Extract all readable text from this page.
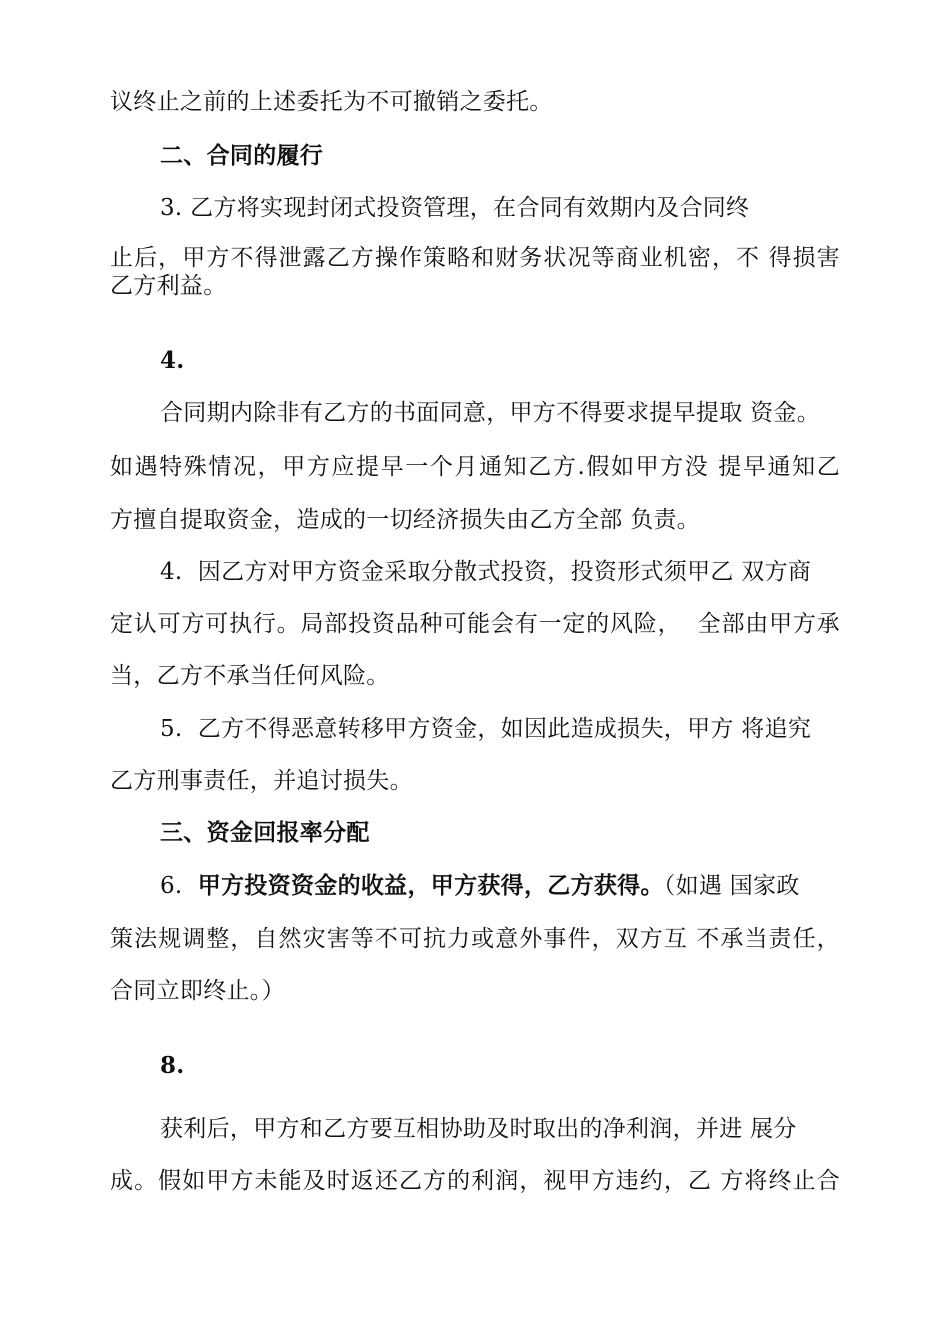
议终止之前的上述委托为不可撤销之委托。
二、合同的履行
3. 乙方将实现封闭式投资管理，在合同有效期内及合同终
止后，甲方不得泄露乙方操作策略和财务状况等商业机密，不 得损害
乙方利益。
4.
合同期内除非有乙方的书面同意，甲方不得要求提早提取 资金。
如遇特殊情况，甲方应提早一个月通知乙方.假如甲方没 提早通知乙
方擅自提取资金，造成的一切经济损失由乙方全部 负责。
4.  因乙方对甲方资金采取分散式投资，投资形式须甲乙 双方商
定认可方可执行。局部投资品种可能会有一定的风险，  全部由甲方承
当，乙方不承当任何风险。
5.  乙方不得恶意转移甲方资金，如因此造成损失，甲方 将追究
乙方刑事责任，并追讨损失。
三、资金回报率分配
6.  甲方投资资金的收益，甲方获得，乙方获得。（如遇 国家政
策法规调整，自然灾害等不可抗力或意外事件，双方互 不承当责任，
合同立即终止。）
8.
获利后，甲方和乙方要互相协助及时取出的净利润，并进 展分
成。假如甲方未能及时返还乙方的利润，视甲方违约，乙 方将终止合
